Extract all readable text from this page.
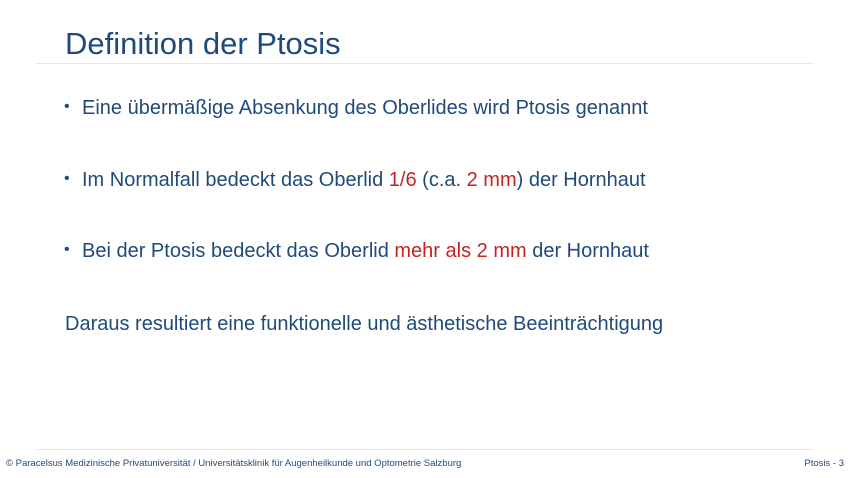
Definition der Ptosis
• Eine übermäßige Absenkung des Oberlides wird Ptosis genannt
• Im Normalfall bedeckt das Oberlid 1/6 (c.a. 2 mm) der Hornhaut
• Bei der Ptosis bedeckt das Oberlid mehr als 2 mm der Hornhaut
Daraus resultiert eine funktionelle und ästhetische Beeinträchtigung
© Paracelsus Medizinische Privatuniversität / Universitätsklinik für Augenheilkunde und Optometrie Salzburg	Ptosis - 3
